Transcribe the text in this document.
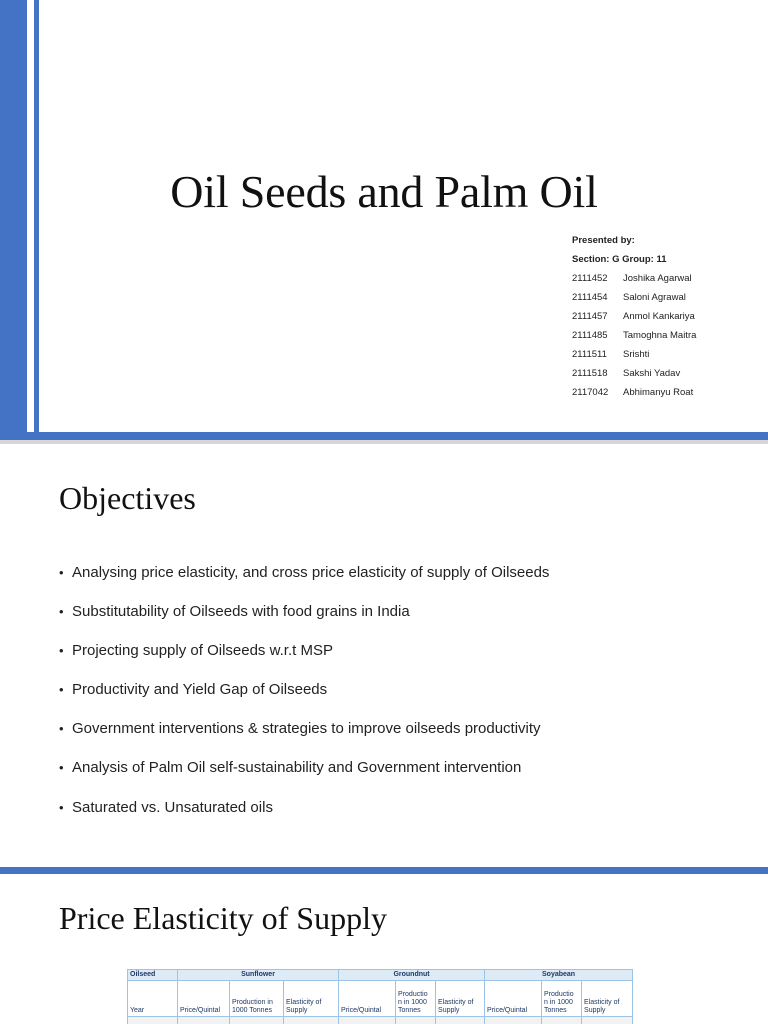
Oil Seeds and Palm Oil
Presented by:
Section: G Group: 11
2111452 Joshika Agarwal
2111454 Saloni Agrawal
2111457 Anmol Kankariya
2111485 Tamoghna Maitra
2111511 Srishti
2111518 Sakshi Yadav
2117042 Abhimanyu Roat
Objectives
• Analysing price elasticity, and cross price elasticity of supply of Oilseeds
• Substitutability of Oilseeds with food grains in India
• Projecting supply of Oilseeds w.r.t MSP
• Productivity and Yield Gap of Oilseeds
• Government interventions & strategies to improve oilseeds productivity
• Analysis of Palm Oil self-sustainability and Government intervention
• Saturated vs. Unsaturated oils
Price Elasticity of Supply
Oilseed	Sunflower			Groundnut			Soyabean		
Year	Price/Quintal	Production in 1000 Tonnes	Elasticity of Supply	Price/Quintal	Productio n in 1000 Tonnes	Elasticity of Supply	Price/Quintal	Productio n in 1000 Tonnes	Elasticity of Supply
